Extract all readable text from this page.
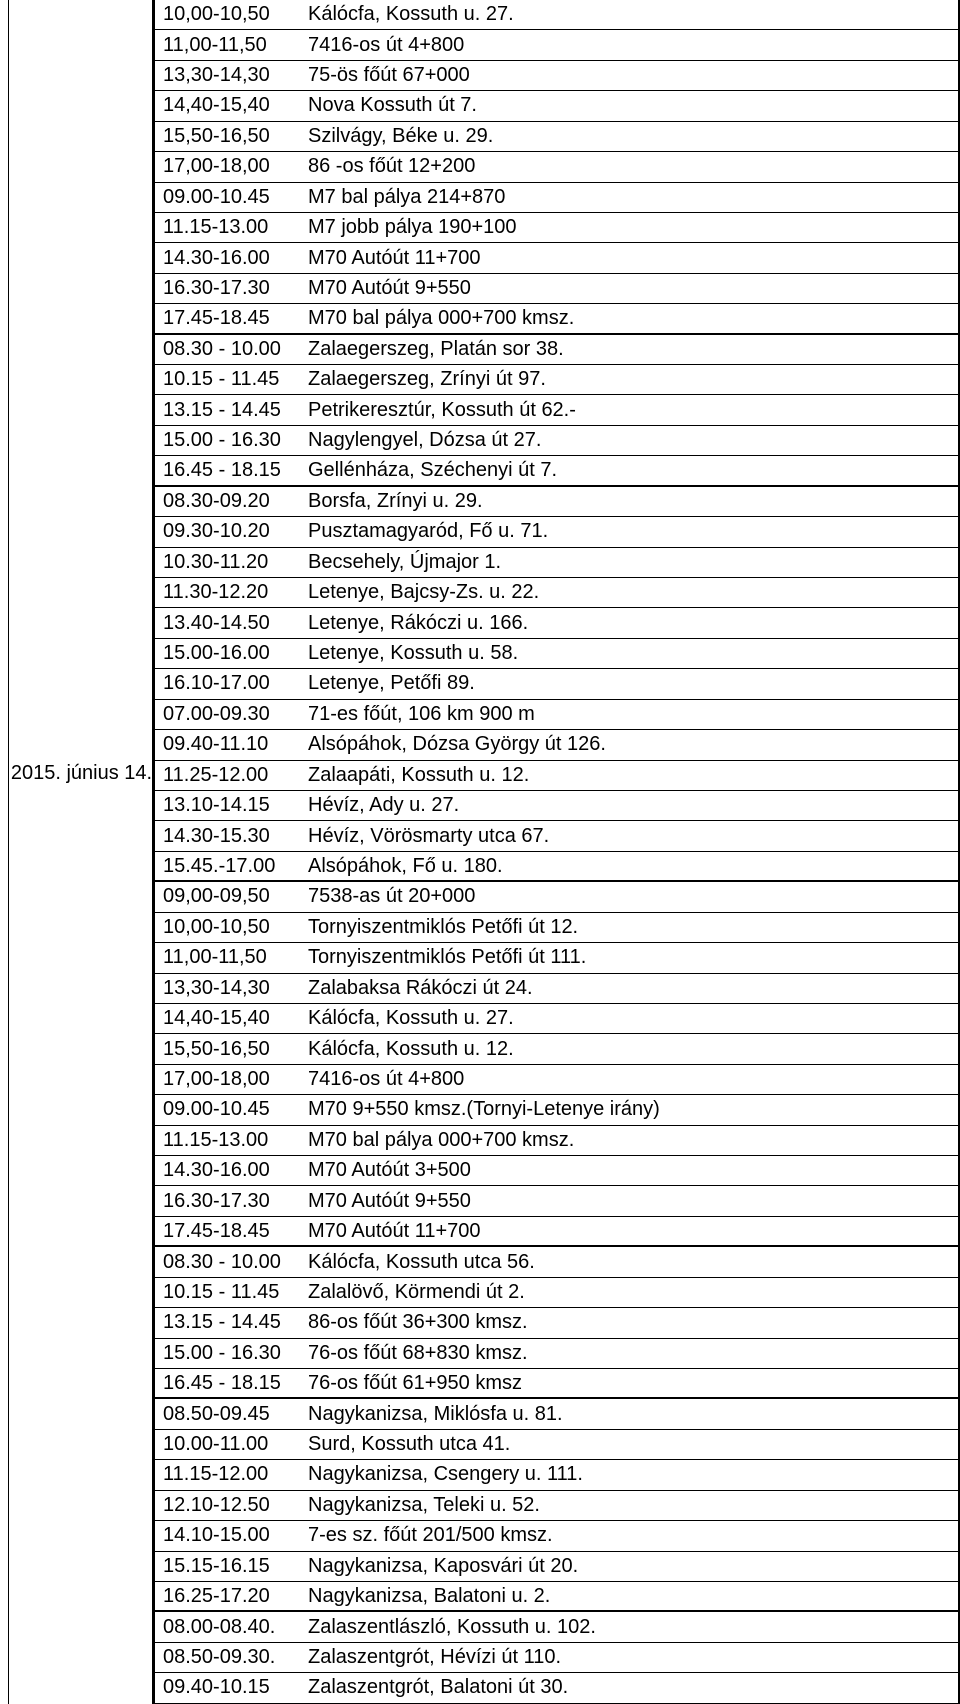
2015. június 14.
10,00-10,50	Kálócfa, Kossuth u. 27.
11,00-11,50	7416-os út 4+800
13,30-14,30	75-ös főút 67+000
14,40-15,40	Nova Kossuth út 7.
15,50-16,50	Szilvágy, Béke u. 29.
17,00-18,00	86 -os főút 12+200
09.00-10.45	M7 bal pálya 214+870
11.15-13.00	M7 jobb pálya 190+100
14.30-16.00	M70 Autóút 11+700
16.30-17.30	M70 Autóút 9+550
17.45-18.45	M70 bal pálya 000+700 kmsz.
08.30 - 10.00	Zalaegerszeg, Platán sor 38.
10.15 - 11.45	Zalaegerszeg, Zrínyi út 97.
13.15 - 14.45	Petrikeresztúr, Kossuth út 62.-
15.00 - 16.30	Nagylengyel, Dózsa út 27.
16.45 - 18.15	Gellénháza, Széchenyi út 7.
08.30-09.20	Borsfa, Zrínyi u. 29.
09.30-10.20	Pusztamagyaród, Fő u. 71.
10.30-11.20	Becsehely, Újmajor 1.
11.30-12.20	Letenye, Bajcsy-Zs. u. 22.
13.40-14.50	Letenye, Rákóczi u. 166.
15.00-16.00	Letenye, Kossuth u. 58.
16.10-17.00	Letenye, Petőfi 89.
07.00-09.30	71-es főút, 106 km 900 m
09.40-11.10	Alsópáhok, Dózsa György út 126.
11.25-12.00	Zalaapáti, Kossuth u. 12.
13.10-14.15	Hévíz, Ady u. 27.
14.30-15.30	Hévíz, Vörösmarty utca 67.
15.45.-17.00	Alsópáhok, Fő u. 180.
09,00-09,50	7538-as út 20+000
10,00-10,50	Tornyiszentmiklós Petőfi út 12.
11,00-11,50	Tornyiszentmiklós Petőfi út 111.
13,30-14,30	Zalabaksa Rákóczi út 24.
14,40-15,40	Kálócfa, Kossuth u. 27.
15,50-16,50	Kálócfa, Kossuth u. 12.
17,00-18,00	7416-os út 4+800
09.00-10.45	M70 9+550 kmsz.(Tornyi-Letenye irány)
11.15-13.00	M70 bal pálya 000+700 kmsz.
14.30-16.00	M70 Autóút 3+500
16.30-17.30	M70 Autóút 9+550
17.45-18.45	M70 Autóút 11+700
08.30 - 10.00	Kálócfa, Kossuth utca 56.
10.15 - 11.45	Zalalövő, Körmendi út 2.
13.15 - 14.45	86-os főút 36+300 kmsz.
15.00 - 16.30	76-os főút 68+830 kmsz.
16.45 - 18.15	76-os főút 61+950 kmsz
08.50-09.45	Nagykanizsa, Miklósfa u. 81.
10.00-11.00	Surd, Kossuth utca 41.
11.15-12.00	Nagykanizsa, Csengery u. 111.
12.10-12.50	Nagykanizsa, Teleki u. 52.
14.10-15.00	7-es sz. főút 201/500 kmsz.
15.15-16.15	Nagykanizsa, Kaposvári út 20.
16.25-17.20	Nagykanizsa, Balatoni u. 2.
08.00-08.40.	Zalaszentlászló, Kossuth u. 102.
08.50-09.30.	Zalaszentgrót, Hévízi út 110.
09.40-10.15	Zalaszentgrót, Balatoni út 30.
